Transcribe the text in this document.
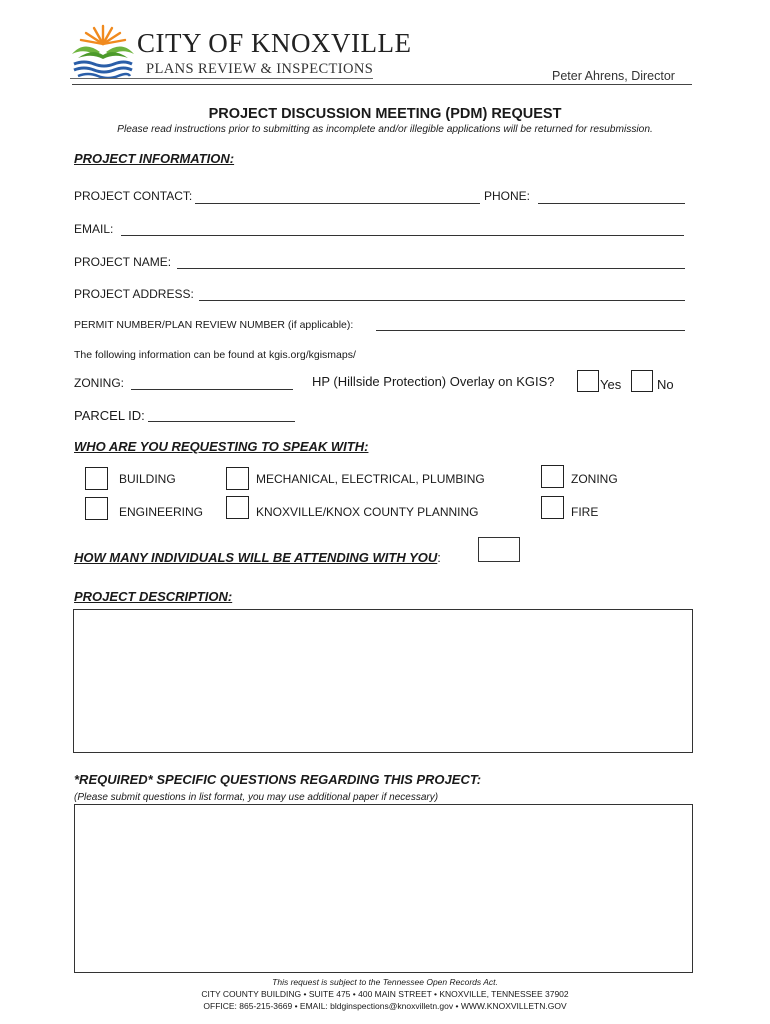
CITY OF KNOXVILLE
PLANS REVIEW & INSPECTIONS	Peter Ahrens, Director
PROJECT DISCUSSION MEETING (PDM) REQUEST
Please read instructions prior to submitting as incomplete and/or illegible applications will be returned for resubmission.
PROJECT INFORMATION:
PROJECT CONTACT:	PHONE:
EMAIL:
PROJECT NAME:
PROJECT ADDRESS:
PERMIT NUMBER/PLAN REVIEW NUMBER (if applicable):
The following information can be found at kgis.org/kgismaps/
ZONING:	HP (Hillside Protection) Overlay on KGIS?	Yes	No
PARCEL ID:
WHO ARE YOU REQUESTING TO SPEAK WITH:
BUILDING	MECHANICAL, ELECTRICAL, PLUMBING	ZONING
ENGINEERING	KNOXVILLE/KNOX COUNTY PLANNING	FIRE
HOW MANY INDIVIDUALS WILL BE ATTENDING WITH YOU:
PROJECT DESCRIPTION:
*REQUIRED* SPECIFIC QUESTIONS REGARDING THIS PROJECT:
(Please submit questions in list format, you may use additional paper if necessary)
This request is subject to the Tennessee Open Records Act.
CITY COUNTY BUILDING • SUITE 475 • 400 MAIN STREET • KNOXVILLE, TENNESSEE 37902
OFFICE: 865-215-3669 • EMAIL: bldginspections@knoxvilletn.gov • WWW.KNOXVILLETN.GOV
